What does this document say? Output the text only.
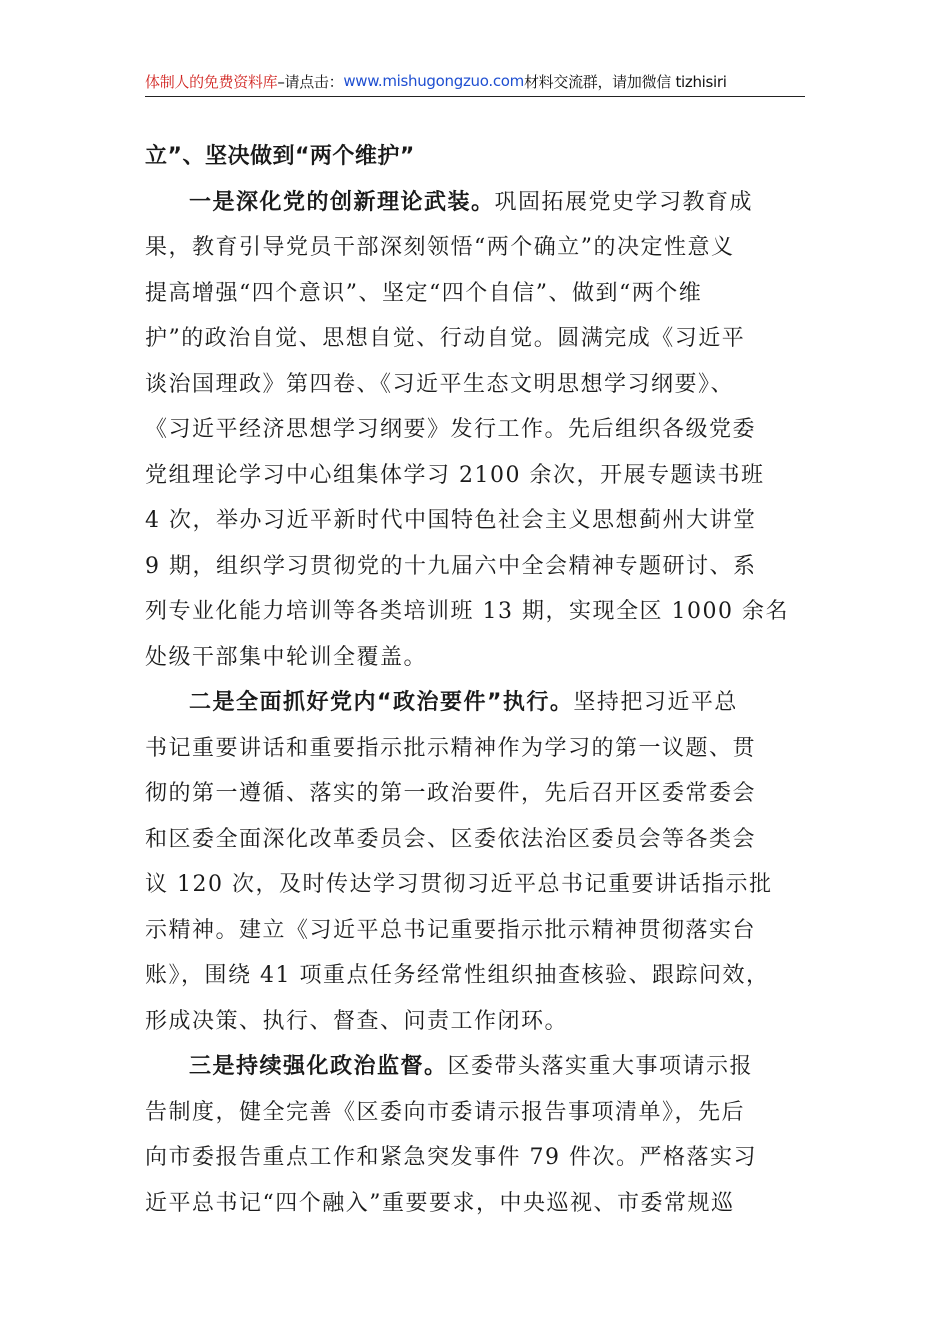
体制人的免费资料库 –请点击： www.mishugongzuo.com 材料交流群，请加微信 tizhisiri
立”、坚决做到“两个维护”
一是深化党的创新理论武装。巩固拓展党史学习教育成
果，教育引导党员干部深刻领悟“两个确立”的决定性意义
提高增强“四个意识”、坚定“四个自信”、做到“两个维
护”的政治自觉、思想自觉、行动自觉。圆满完成《习近平
谈治国理政》第四卷、《习近平生态文明思想学习纲要》、
《习近平经济思想学习纲要》发行工作。先后组织各级党委
党组理论学习中心组集体学习 2100 余次，开展专题读书班
4 次，举办习近平新时代中国特色社会主义思想蓟州大讲堂
9 期，组织学习贯彻党的十九届六中全会精神专题研讨、系
列专业化能力培训等各类培训班 13 期，实现全区 1000 余名
处级干部集中轮训全覆盖。
二是全面抓好党内“政治要件”执行。坚持把习近平总
书记重要讲话和重要指示批示精神作为学习的第一议题、贯
彻的第一遵循、落实的第一政治要件，先后召开区委常委会
和区委全面深化改革委员会、区委依法治区委员会等各类会
议 120 次，及时传达学习贯彻习近平总书记重要讲话指示批
示精神。建立《习近平总书记重要指示批示精神贯彻落实台
账》，围绕 41 项重点任务经常性组织抽查核验、跟踪问效，
形成决策、执行、督查、问责工作闭环。
三是持续强化政治监督。区委带头落实重大事项请示报
告制度，健全完善《区委向市委请示报告事项清单》，先后
向市委报告重点工作和紧急突发事件 79 件次。严格落实习
近平总书记“四个融入”重要要求，中央巡视、市委常规巡
